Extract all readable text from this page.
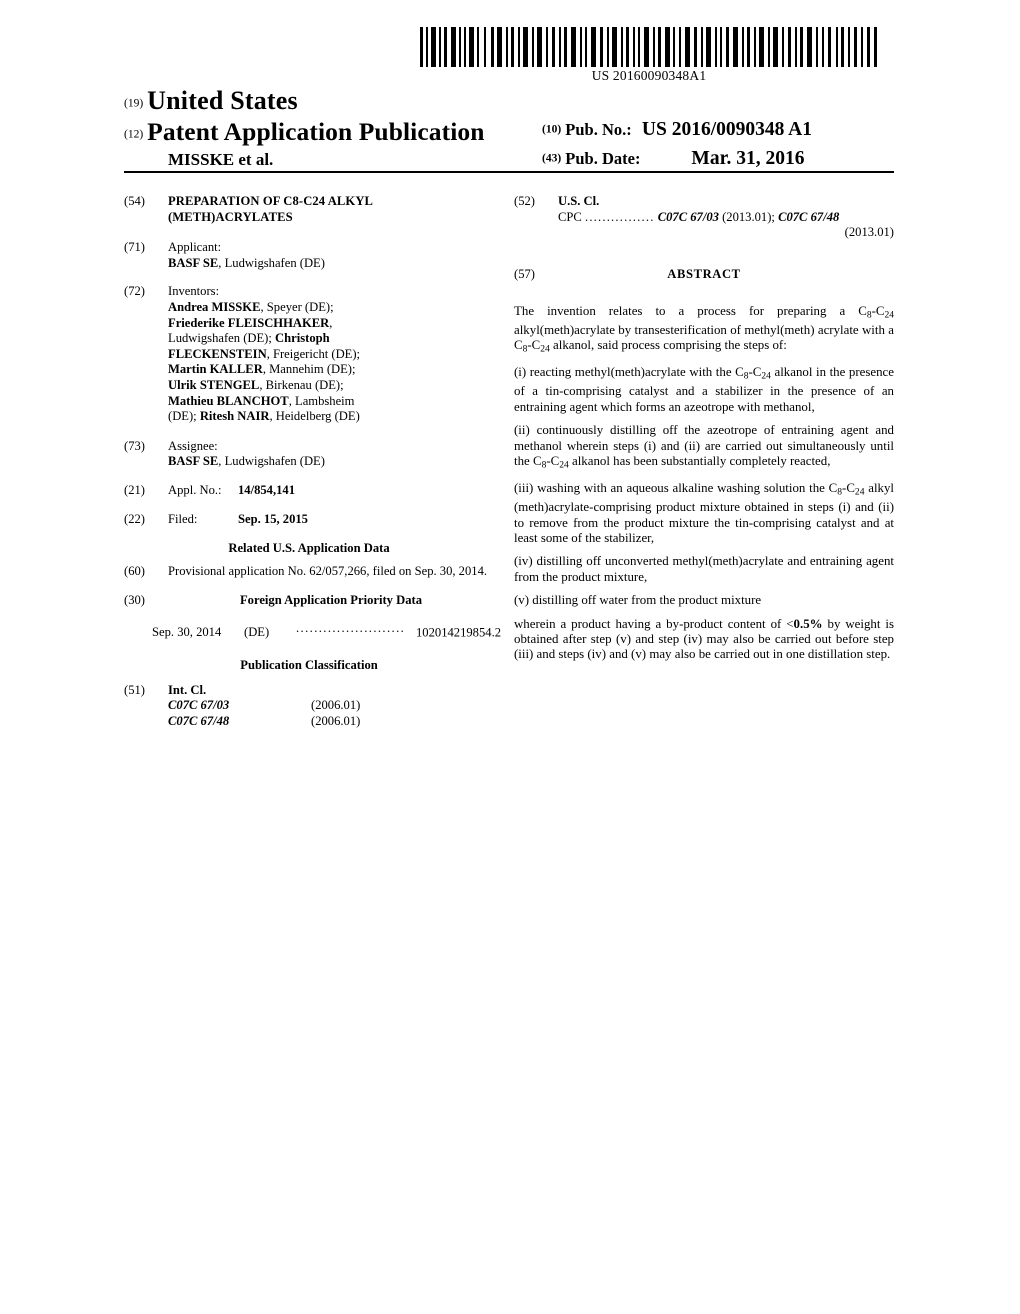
US 20160090348A1
(19) United States
(12) Patent Application Publication
MISSKE et al.
(10) Pub. No.: US 2016/0090348 A1
(43) Pub. Date:	Mar. 31, 2016
(54)	PREPARATION OF C8-C24 ALKYL
(METH)ACRYLATES
(71)	Applicant:BASF SE, Ludwigshafen (DE)
(72)	Inventors:Andrea MISSKE, Speyer (DE);
Friederike FLEISCHHAKER,
Ludwigshafen (DE); Christoph
FLECKENSTEIN, Freigericht (DE);
Martin KALLER, Mannehim (DE);
Ulrik STENGEL, Birkenau (DE);
Mathieu BLANCHOT, Lambsheim
(DE); Ritesh NAIR, Heidelberg (DE)
(73)	Assignee:BASF SE, Ludwigshafen (DE)
(21)	Appl. No.: 14/854,141
(22)	Filed:	Sep. 15, 2015
Related U.S. Application Data
(60)	Provisional application No. 62/057,266, filed on Sep. 30, 2014.
(30)	Foreign Application Priority Data
Sep. 30, 2014 (DE) ........................ 102014219854.2
Publication Classification
(51)	Int. Cl.
C07C 67/03	(2006.01)
C07C 67/48	(2006.01)
(52)	U.S. Cl.
CPC ................ C07C 67/03 (2013.01); C07C 67/48
(2013.01)
(57)	ABSTRACT

The invention relates to a process for preparing a $C_8-C_{24}$ alkyl(meth)acrylate by transesterification of methyl(meth) acrylate with a $C_8-C_{24}$ alkanol, said process comprising the steps of:

(i) reacting methyl(meth)acrylate with the $C_8-C_{24}$ alkanol in the presence of a tin-comprising catalyst and a stabilizer in the presence of an entraining agent which forms an azeotrope with methanol,

(ii) continuously distilling off the azeotrope of entraining agent and methanol wherein steps (i) and (ii) are carried out simultaneously until the $C_8-C_{24}$ alkanol has been substantially completely reacted,

(iii) washing with an aqueous alkaline washing solution the $C_8-C_{24}$ alkyl (meth)acrylate-comprising product mixture obtained in steps (i) and (ii) to remove from the product mixture the tin-comprising catalyst and at least some of the stabilizer,

(iv) distilling off unconverted methyl(meth)acrylate and entraining agent from the product mixture,

(v) distilling off water from the product mixture

wherein a product having a by-product content of <0.5% by weight is obtained after step (v) and step (iv) may also be carried out before step (iii) and steps (iv) and (v) may also be carried out in one distillation step.
